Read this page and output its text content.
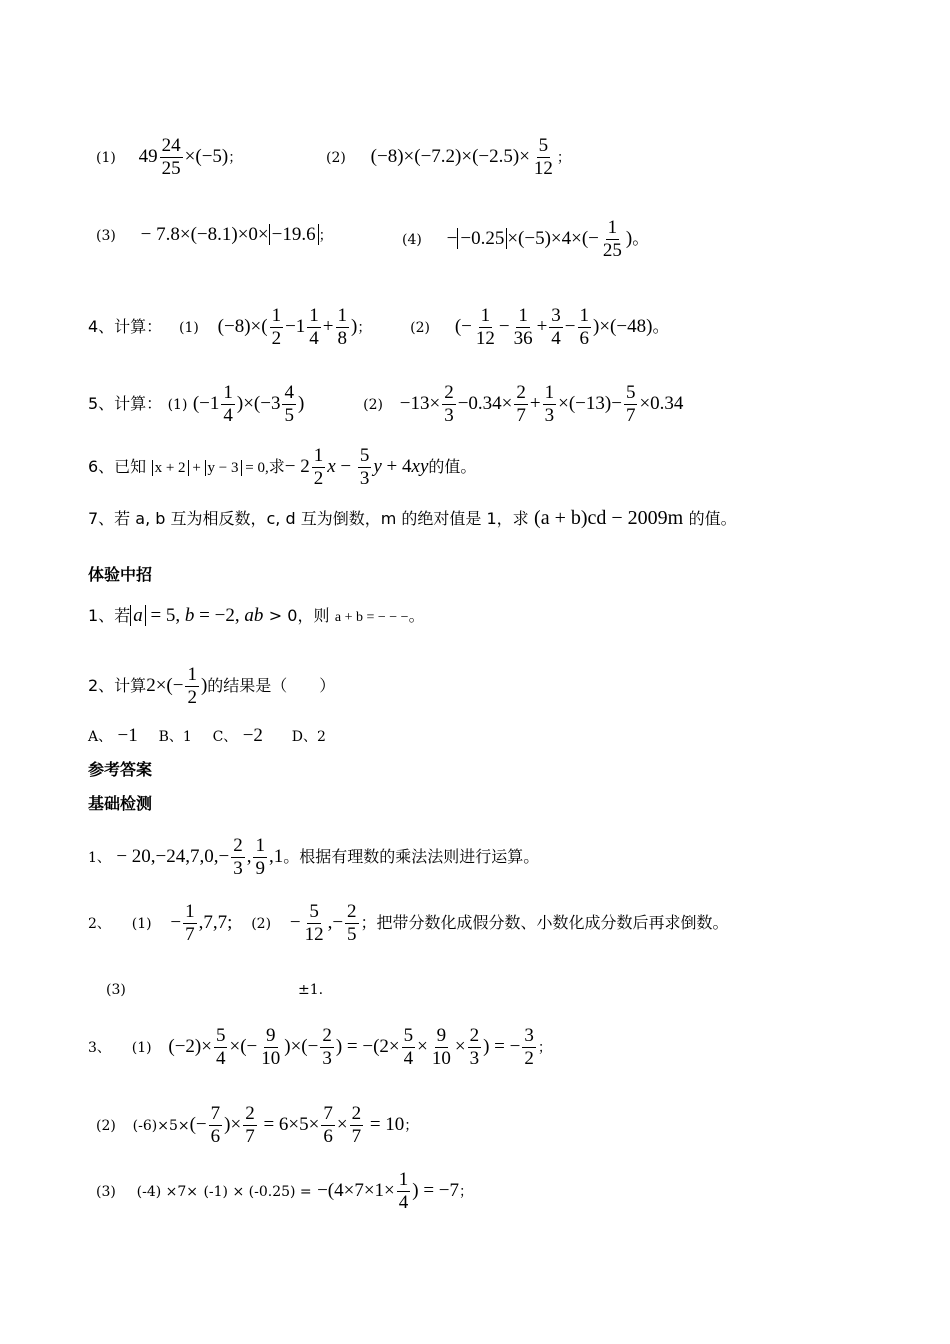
(1) $49 \frac{24}{25} \times(-5)$；	(2) $(-8)\times(-7.2)\times(-2.5)\times \frac{5}{12}$ ；
(3) − 7.8×(−8.1)×0× −19.6 ；	$(4) - -0.25 \times(-5)\times 4\times(- \frac{1}{25}$ )。
4、计算： (1) $(-8)\times( \frac{1}{2} -1 \frac{1}{4} + \frac{1}{8}$ )；	(2) (− $\frac{1}{12} - \frac{1}{36} + \frac{3}{4} - \frac{1}{6} )\times(-48)$。
5、计算： (1) $(-1 \frac{1}{4} )\times(-3 \frac{4}{5}$ )	$(2) -13\times \frac{2}{3} -0.34\times \frac{2}{7} + \frac{1}{3} \times(-13)- \frac{5}{7} \times 0.34$
6、已知 x + 2 + y − 3 = 0,求− $2 \frac{1}{2}$ $x - \frac{5}{3}$ y + 4xy的值。
7、若 a, b 互为相反数，c, d 互为倒数，m 的绝对值是 1，求 (a + b)cd − 2009m 的值。
体验中招
1、若 a = 5, b = −2, ab > 0，则 a + b = − − −。
2、计算$2\times(- \frac{1}{2}$ )的结果是（　　）
A、 −1 B、1 C、 −2 D、2
参考答案
基础检测
1、 − $20,-24,7,0,- \frac{2}{3}$ , $\frac{1}{9} ,1$。根据有理数的乘法法则进行运算。
2、 $(1) - \frac{1}{7} ,7,7$; $(2) - \frac{5}{12}$ ,− $\frac{2}{5}$ ；把带分数化成假分数、小数化成分数后再求倒数。
(3)	±1.
3、 (1) $(-2)\times \frac{5}{4}$ ×(− $\frac{9}{10}$ )×(− $\frac{2}{3}$ ) = $-(2\times \frac{5}{4} \times \frac{9}{10} \times \frac{2}{3}$ ) = − $\frac{3}{2}$ ；
(2) $(-6)\times 5\times(- \frac{7}{6}$ )× $\frac{2}{7} = 6\times 5\times \frac{7}{6} \times \frac{2}{7} = 10$；
(3) $(-4) \times 7\times (-1) \times (-0.25) = -(4\times 7\times 1\times \frac{1}{4}$ ) = −7；
